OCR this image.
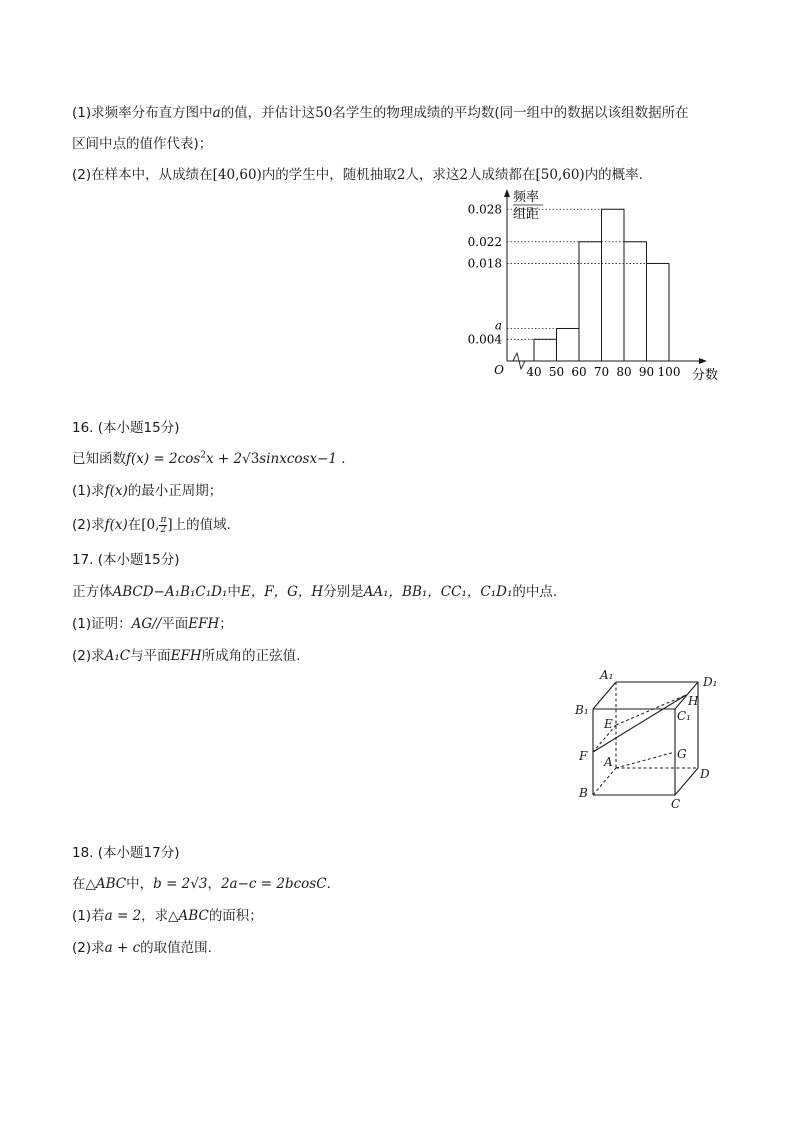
(1)求频率分布直方图中a的值，并估计这50名学生的物理成绩的平均数(同一组中的数据以该组数据所在
区间中点的值作代表)；
(2)在样本中，从成绩在[40,60)内的学生中，随机抽取2人，求这2人成绩都在[50,60)内的概率.
频率
组距
O	分数
0.004
a
0.018
0.022
0.028
40 50 60 70 80 90 100
16. (本小题15分)
已知函数$f(x) = 2\cos^2x$ + 2√3sinxcosx−1 .
(1)求f(x)的最小正周期；
(2)求f(x)在[0, $\frac{\pi}{2}$ ]上的值域.
17. (本小题15分)
正方体ABCD−A₁B₁C₁D₁中E，F，G，H分别是AA₁，BB₁，CC₁，C₁D₁的中点.
(1)证明：AG//平面EFH；
(2)求A₁C与平面EFH所成角的正弦值.
A₁	D₁
B₁	C₁
H
E
F A
G
D
B
C
18. (本小题17分)
在△ABC中，b = 2√3，2a−c = 2bcosC.
(1)若a = 2，求△ABC的面积；
(2)求a + c的取值范围.
